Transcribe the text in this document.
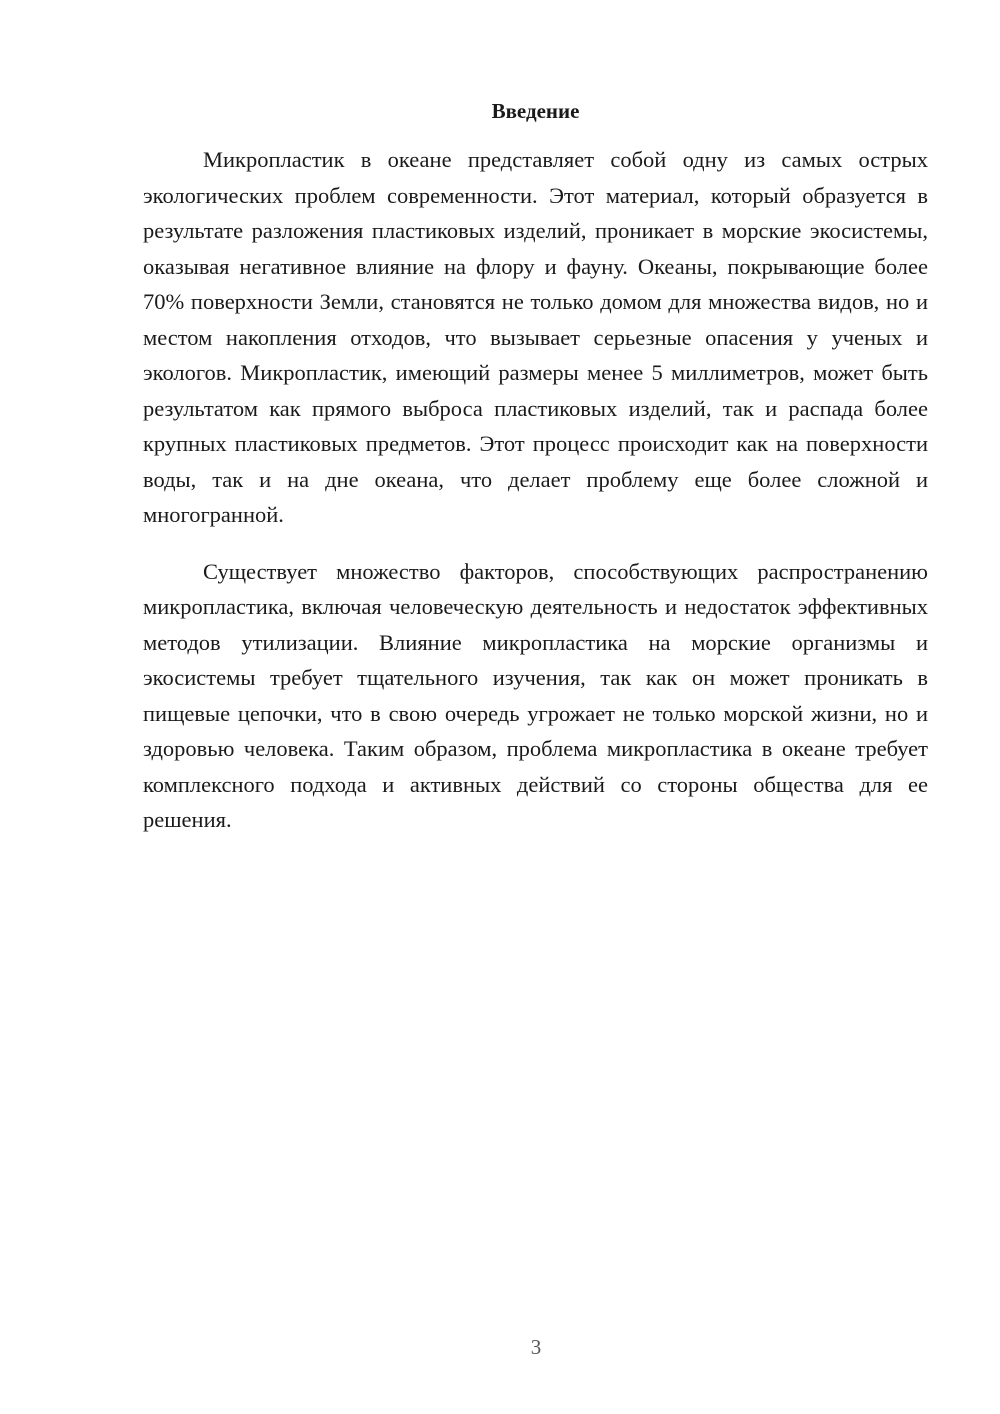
Введение

Микропластик в океане представляет собой одну из самых острых экологических проблем современности. Этот материал, который образуется в результате разложения пластиковых изделий, проникает в морские экосистемы, оказывая негативное влияние на флору и фауну. Океаны, покрывающие более 70% поверхности Земли, становятся не только домом для множества видов, но и местом накопления отходов, что вызывает серьезные опасения у ученых и экологов. Микропластик, имеющий размеры менее 5 миллиметров, может быть результатом как прямого выброса пластиковых изделий, так и распада более крупных пластиковых предметов. Этот процесс происходит как на поверхности воды, так и на дне океана, что делает проблему еще более сложной и многогранной.

Существует множество факторов, способствующих распространению микропластика, включая человеческую деятельность и недостаток эффективных методов утилизации. Влияние микропластика на морские организмы и экосистемы требует тщательного изучения, так как он может проникать в пищевые цепочки, что в свою очередь угрожает не только морской жизни, но и здоровью человека. Таким образом, проблема микропластика в океане требует комплексного подхода и активных действий со стороны общества для ее решения.

3
